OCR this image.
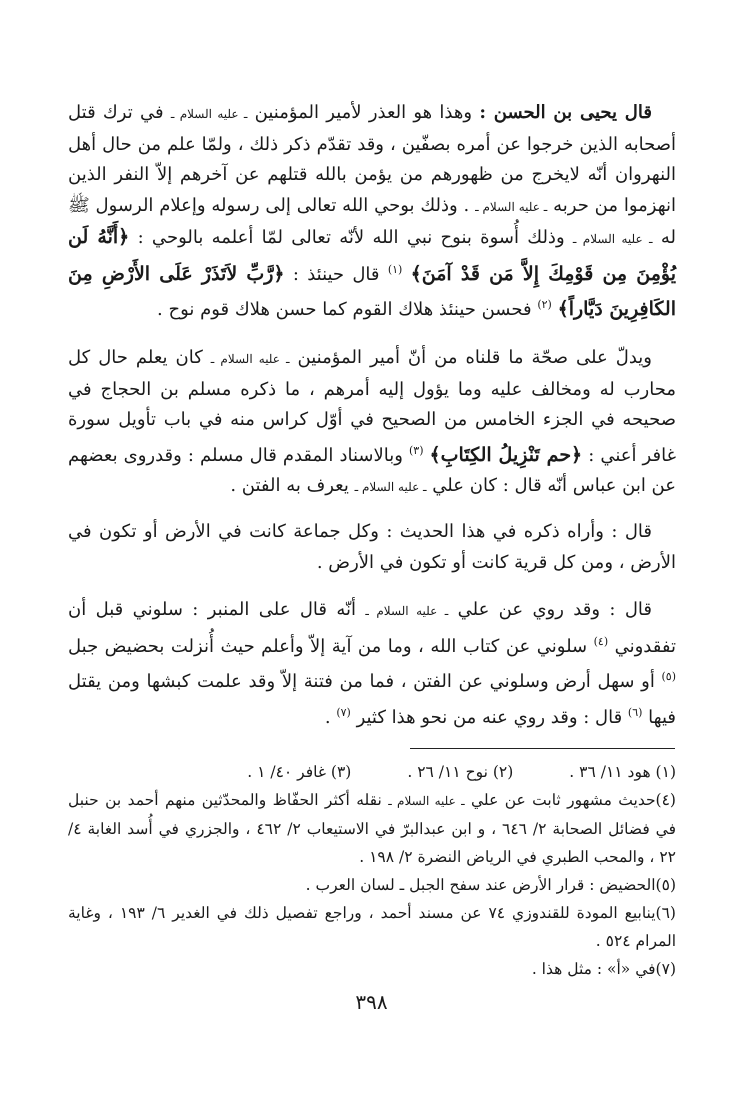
قال يحيى بن الحسن : وهذا هو العذر لأمير المؤمنين ـ عليه السلام ـ في ترك قتل أصحابه الذين خرجوا عن أمره بصفّين ، وقد تقدّم ذكر ذلك ، ولمّا علم من حال أهل النهروان أنّه لايخرج من ظهورهم من يؤمن بالله قتلهم عن آخرهم إلاّ النفر الذين انهزموا من حربه ـ عليه السلام ـ . وذلك بوحي الله تعالى إلى رسوله وإعلام الرسول ﷺ له ـ عليه السلام ـ وذلك أُسوة بنوح نبي الله لأنّه تعالى لمّا أعلمه بالوحي : ﴿أَنَّهُ لَن يُؤْمِنَ مِن قَوْمِكَ إِلاَّ مَن قَدْ آمَنَ﴾ $^{(١)}$ قال حينئذ : ﴿رَّبِّ لاَتَذَرْ عَلَى الأَرْضِ مِنَ الكَافِرِينَ دَيَّاراً﴾ $^{(٢)}$ فحسن حينئذ هلاك القوم كما حسن هلاك قوم نوح .

ويدلّ على صحّة ما قلناه من أنّ أمير المؤمنين ـ عليه السلام ـ كان يعلم حال كل محارب له ومخالف عليه وما يؤول إليه أمرهم ، ما ذكره مسلم بن الحجاج في صحيحه في الجزء الخامس من الصحيح في أوّل كراس منه في باب تأويل سورة غافر أعني : ﴿حم تَنْزِيلُ الكِتَابِ﴾ $^{(٣)}$ وبالاسناد المقدم قال مسلم : وقدروى بعضهم عن ابن عباس أنّه قال : كان علي ـ عليه السلام ـ يعرف به الفتن .

قال : وأراه ذكره في هذا الحديث : وكل جماعة كانت في الأرض أو تكون في الأرض ، ومن كل قرية كانت أو تكون في الأرض .

قال : وقد روي عن علي ـ عليه السلام ـ أنّه قال على المنبر : سلوني قبل أن تفقدوني $^{(٤)}$ سلوني عن كتاب الله ، وما من آية إلاّ وأعلم حيث أُنزلت بحضيض جبل $^{(٥)}$ أو سهل أرض وسلوني عن الفتن ، فما من فتنة إلاّ وقد علمت كبشها ومن يقتل فيها $^{(٦)}$ قال : وقد روي عنه من نحو هذا كثير $^{(٧)}$ .

(١) هود ١١/ ٣٦ .
(٢) نوح ١١/ ٢٦ .
(٣) غافر ٤٠/ ١ .

(٤)حديث مشهور ثابت عن علي ـ عليه السلام ـ نقله أكثر الحفّاظ والمحدّثين منهم أحمد بن حنبل في فضائل الصحابة ٢/ ٦٤٦ ، و ابن عبدالبرّ في الاستيعاب ٢/ ٤٦٢ ، والجزري في أُسد الغابة ٤/ ٢٢ ، والمحب الطبري في الرياض النضرة ٢/ ١٩٨ .

(٥)الحضيض : قرار الأرض عند سفح الجبل ـ لسان العرب .

(٦)ينابيع المودة للقندوزي ٧٤ عن مسند أحمد ، وراجع تفصيل ذلك في الغدير ٦/ ١٩٣ ، وغاية المرام ٥٢٤ .

(٧)في «أ» : مثل هذا .

٣٩٨
